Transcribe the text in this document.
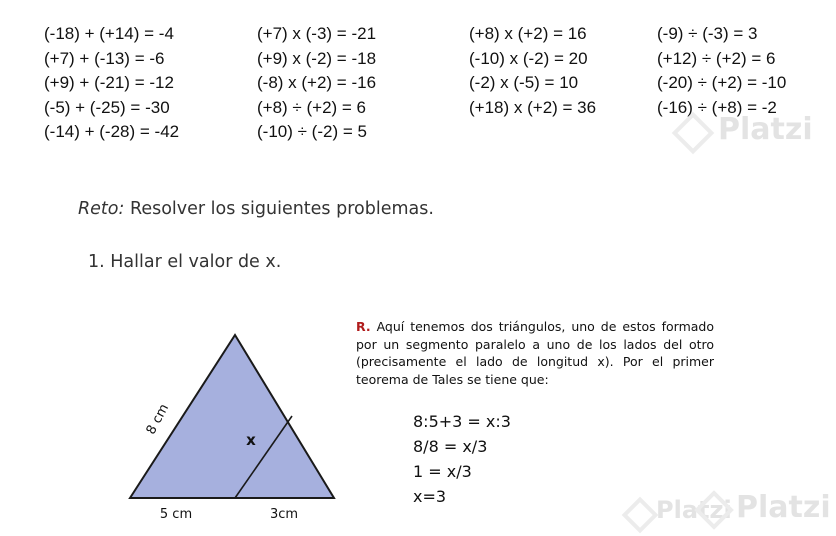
(-18) + (+14) = -4
(+7) + (-13) = -6
(+9) + (-21) = -12
(-5) + (-25) = -30
(-14) + (-28) = -42
(+7) x (-3) = -21
(+9) x (-2) = -18
(-8) x (+2) = -16
(+8) ÷ (+2) = 6
(-10) ÷ (-2) = 5
(+8) x (+2) = 16
(-10) x (-2) = 20
(-2) x (-5) = 10
(+18) x (+2) = 36
(-9) ÷ (-3) = 3
(+12) ÷ (+2) = 6
(-20) ÷ (+2) = -10
(-16) ÷ (+8) = -2
Platzi
Reto: Resolver los siguientes problemas.
1. Hallar el valor de x.
8 cm
x
5 cm	3cm
R. Aquí tenemos dos triángulos, uno de estos formado por un segmento paralelo a uno de los lados del otro (precisamente el lado de longitud x). Por el primer teorema de Tales se tiene que:
8:5+3 = x:3
8/8 = x/3
1 = x/3
x=3	Platzi Platzi
